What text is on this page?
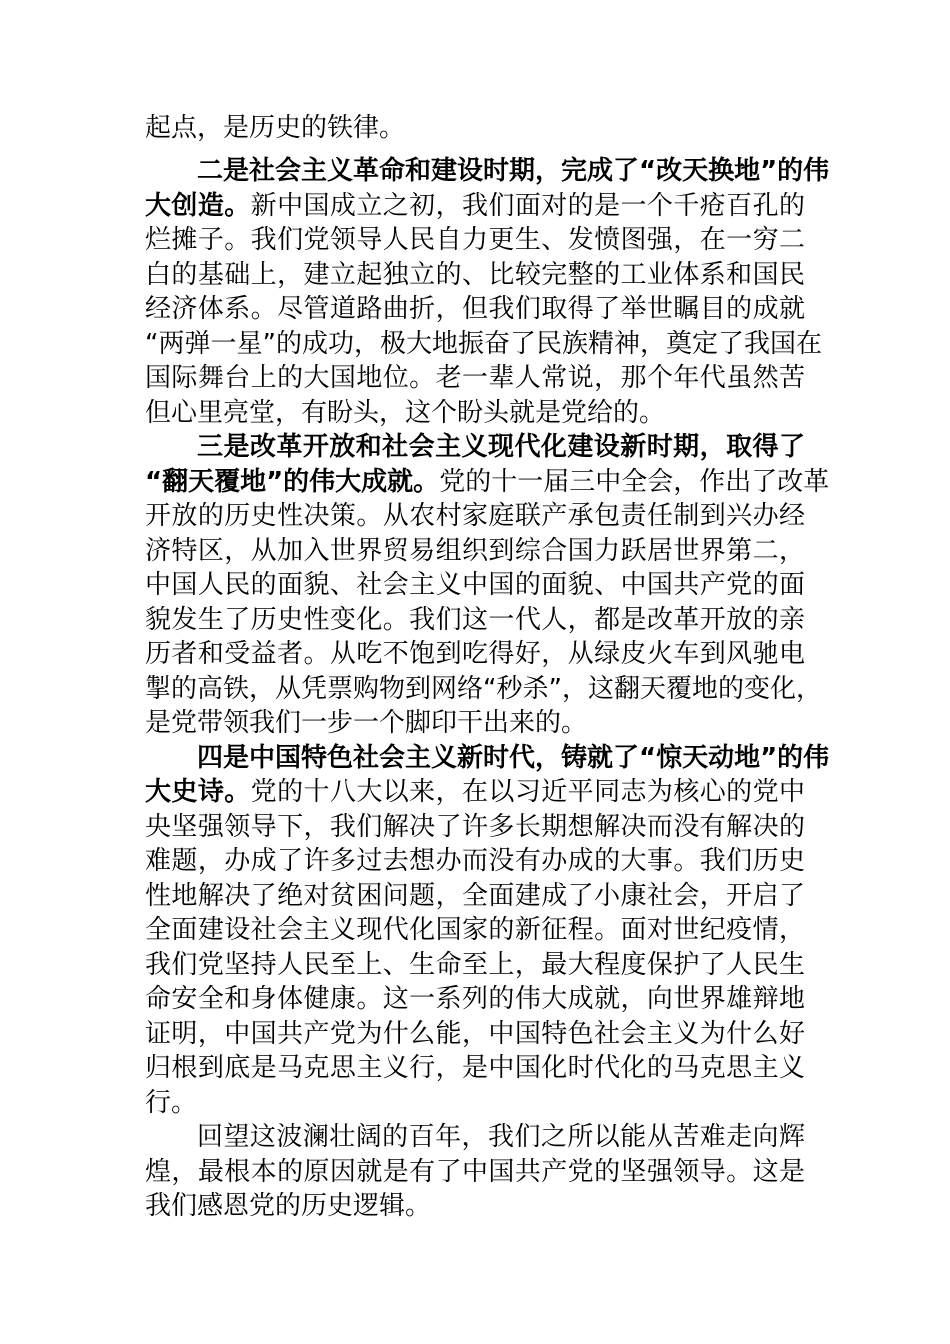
起点，是历史的铁律。
二是社会主义革命和建设时期，完成了“改天换地”的伟
大创造。新中国成立之初，我们面对的是一个千疮百孔的
烂摊子。我们党领导人民自力更生、发愤图强，在一穷二
白的基础上，建立起独立的、比较完整的工业体系和国民
经济体系。尽管道路曲折，但我们取得了举世瞩目的成就
“两弹一星”的成功，极大地振奋了民族精神，奠定了我国在
国际舞台上的大国地位。老一辈人常说，那个年代虽然苦
但心里亮堂，有盼头，这个盼头就是党给的。
三是改革开放和社会主义现代化建设新时期，取得了
“翻天覆地”的伟大成就。党的十一届三中全会，作出了改革
开放的历史性决策。从农村家庭联产承包责任制到兴办经
济特区，从加入世界贸易组织到综合国力跃居世界第二，
中国人民的面貌、社会主义中国的面貌、中国共产党的面
貌发生了历史性变化。我们这一代人，都是改革开放的亲
历者和受益者。从吃不饱到吃得好，从绿皮火车到风驰电
掣的高铁，从凭票购物到网络“秒杀”，这翻天覆地的变化，
是党带领我们一步一个脚印干出来的。
四是中国特色社会主义新时代，铸就了“惊天动地”的伟
大史诗。党的十八大以来，在以习近平同志为核心的党中
央坚强领导下，我们解决了许多长期想解决而没有解决的
难题，办成了许多过去想办而没有办成的大事。我们历史
性地解决了绝对贫困问题，全面建成了小康社会，开启了
全面建设社会主义现代化国家的新征程。面对世纪疫情，
我们党坚持人民至上、生命至上，最大程度保护了人民生
命安全和身体健康。这一系列的伟大成就，向世界雄辩地
证明，中国共产党为什么能，中国特色社会主义为什么好
归根到底是马克思主义行，是中国化时代化的马克思主义
行。
回望这波澜壮阔的百年，我们之所以能从苦难走向辉
煌，最根本的原因就是有了中国共产党的坚强领导。这是
我们感恩党的历史逻辑。
